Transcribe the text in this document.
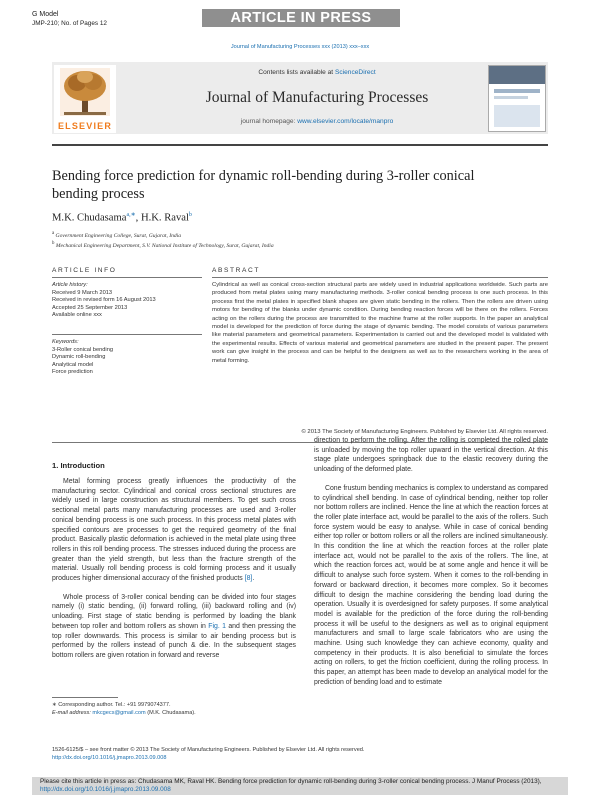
G Model
JMP-210; No. of Pages 12	ARTICLE IN PRESS
Journal of Manufacturing Processes xxx (2013) xxx–xxx
ELSEVIER
Contents lists available at ScienceDirect
Journal of Manufacturing Processes
journal homepage: www.elsevier.com/locate/manpro
Bending force prediction for dynamic roll-bending during 3-roller conical bending process
M.K. Chudasama$^{a,∗}$, H.K. Raval$^b$
a Government Engineering College, Surat, Gujarat, India
b Mechanical Engineering Department, S.V. National Institute of Technology, Surat, Gujarat, India
ARTICLE INFO	ABSTRACT
Article history:
Received 9 March 2013
Received in revised form 16 August 2013
Accepted 25 September 2013
Available online xxx
Keywords:
3-Roller conical bending
Dynamic roll-bending
Analytical model
Force prediction
Cylindrical as well as conical cross-section structural parts are widely used in industrial applications worldwide. Such parts are produced from metal plates using many manufacturing methods. 3-roller conical bending process is one such process. In this process first the metal plates in specified blank shapes are given static bending in the rollers. Then the rollers are driven using motors for bending of the blanks under dynamic condition. During bending reaction forces will be there on the rollers. Forces acting on the rollers during the process are transmitted to the machine frame at the roller supports. In the paper an analytical model is developed for the prediction of force during the stage of dynamic bending. The model consists of various parameters like material parameters and geometrical parameters. Experimentation is carried out and the developed model is validated with the experimental results. Effects of various material and geometrical parameters are studied in the present paper. The present work can give insight in the process and can be helpful to the designers as well as to the researchers working in the area of metal forming.
© 2013 The Society of Manufacturing Engineers. Published by Elsevier Ltd. All rights reserved.
1. Introduction

Metal forming process greatly influences the productivity of the manufacturing sector. Cylindrical and conical cross sectional structures are widely used in large construction as structural members. To get such cross sectional metal parts many manufacturing processes are used and 3-roller conical bending process is one such process. In this process metal plates with specified contours are processes to get the required geometry of the final product. Basically plastic deformation is achieved in the metal plate using three rollers in this roll bending process. The stresses induced during the process are greater than the yield strength, but less than the fracture strength of the material. Usually roll bending process is cold forming process and it usually produces higher dimensional accuracy of the finished products [8].

Whole process of 3-roller conical bending can be divided into four stages namely (i) static bending, (ii) forward rolling, (iii) backward rolling and (iv) unloading. First stage of static bending is performed by loading the blank between top roller and bottom rollers as shown in Fig. 1 and then pressing the top roller downwards. This process is similar to air bending process but is performed by the rollers instead of punch & die. In the subsequent stages bottom rollers are given rotation in forward and reverse

direction to perform the rolling. After the rolling is completed the rolled plate is unloaded by moving the top roller upward in the vertical direction. At this stage plate undergoes springback due to the elastic recovery during the unloading of the deformed plate.

Cone frustum bending mechanics is complex to understand as compared to cylindrical shell bending. In case of cylindrical bending, neither top roller nor bottom rollers are inclined. Hence the line at which the reaction forces at the roller plate interface act, would be parallel to the axis of the rollers. Such force system would be easy to analyse. While in case of conical bending either top roller or bottom rollers or all the rollers are inclined simultaneously. In this condition the line at which the reaction forces at the roller plate interface act, would not be parallel to the axis of the rollers. The line, at which the reaction forces act, would be at some angle and hence it will be difficult to analyse such force system. When it comes to the roll-bending in forward or backward direction, it becomes more complex. So it becomes difficult to design the machine considering the bending load during the operation. Usually it is overdesigned for safety purposes. If some analytical model is available for the prediction of the force during the roll-bending process it will be useful to the designers as well as to original equipment manufacturers and small to large scale fabricators who are using the machine. Using such knowledge they can achieve economy, quality and competency in their products. It is also beneficial to simulate the forces acting on rollers, to get the friction coefficient, during the rolling process. In this paper, an attempt has been made to develop an analytical model for the prediction of bending load and to estimate

∗ Corresponding author. Tel.: +91 9979074377.
E-mail address: mkcgecs@gmail.com (M.K. Chudasama).
1526-6125/$ – see front matter © 2013 The Society of Manufacturing Engineers. Published by Elsevier Ltd. All rights reserved.
http://dx.doi.org/10.1016/j.jmapro.2013.09.008
Please cite this article in press as: Chudasama MK, Raval HK. Bending force prediction for dynamic roll-bending during 3-roller conical bending process. J Manuf Process (2013), http://dx.doi.org/10.1016/j.jmapro.2013.09.008
